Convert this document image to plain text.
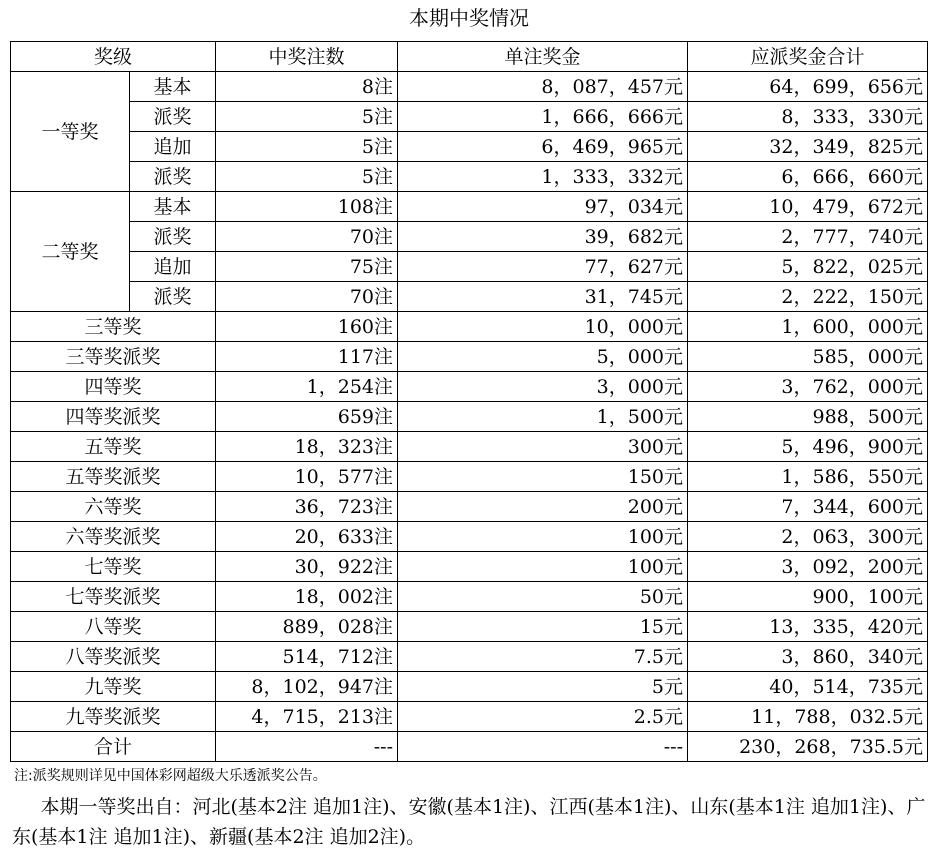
本期中奖情况
奖级		中奖注数	单注奖金	应派奖金合计
一等奖	基本	8注	8，087，457元	64，699，656元
	派奖	5注	1，666，666元	8，333，330元
	追加	5注	6，469，965元	32，349，825元
	派奖	5注	1，333，332元	6，666，660元
二等奖	基本	108注	97，034元	10，479，672元
	派奖	70注	39，682元	2，777，740元
	追加	75注	77，627元	5，822，025元
	派奖	70注	31，745元	2，222，150元
三等奖		160注	10，000元	1，600，000元
三等奖派奖		117注	5，000元	585，000元
四等奖		1，254注	3，000元	3，762，000元
四等奖派奖		659注	1，500元	988，500元
五等奖		18，323注	300元	5，496，900元
五等奖派奖		10，577注	150元	1，586，550元
六等奖		36，723注	200元	7，344，600元
六等奖派奖		20，633注	100元	2，063，300元
七等奖		30，922注	100元	3，092，200元
七等奖派奖		18，002注	50元	900，100元
八等奖		889，028注	15元	13，335，420元
八等奖派奖		514，712注	7.5元	3，860，340元
九等奖		8，102，947注	5元	40，514，735元
九等奖派奖		4，715，213注	2.5元	11，788，032.5元
合计		---	---	230，268，735.5元
注:派奖规则详见中国体彩网超级大乐透派奖公告。
本期一等奖出自：河北(基本2注 追加1注)、安徽(基本1注)、江西(基本1注)、山东(基本1注 追加1注)、广东(基本1注 追加1注)、新疆(基本2注 追加2注)。
